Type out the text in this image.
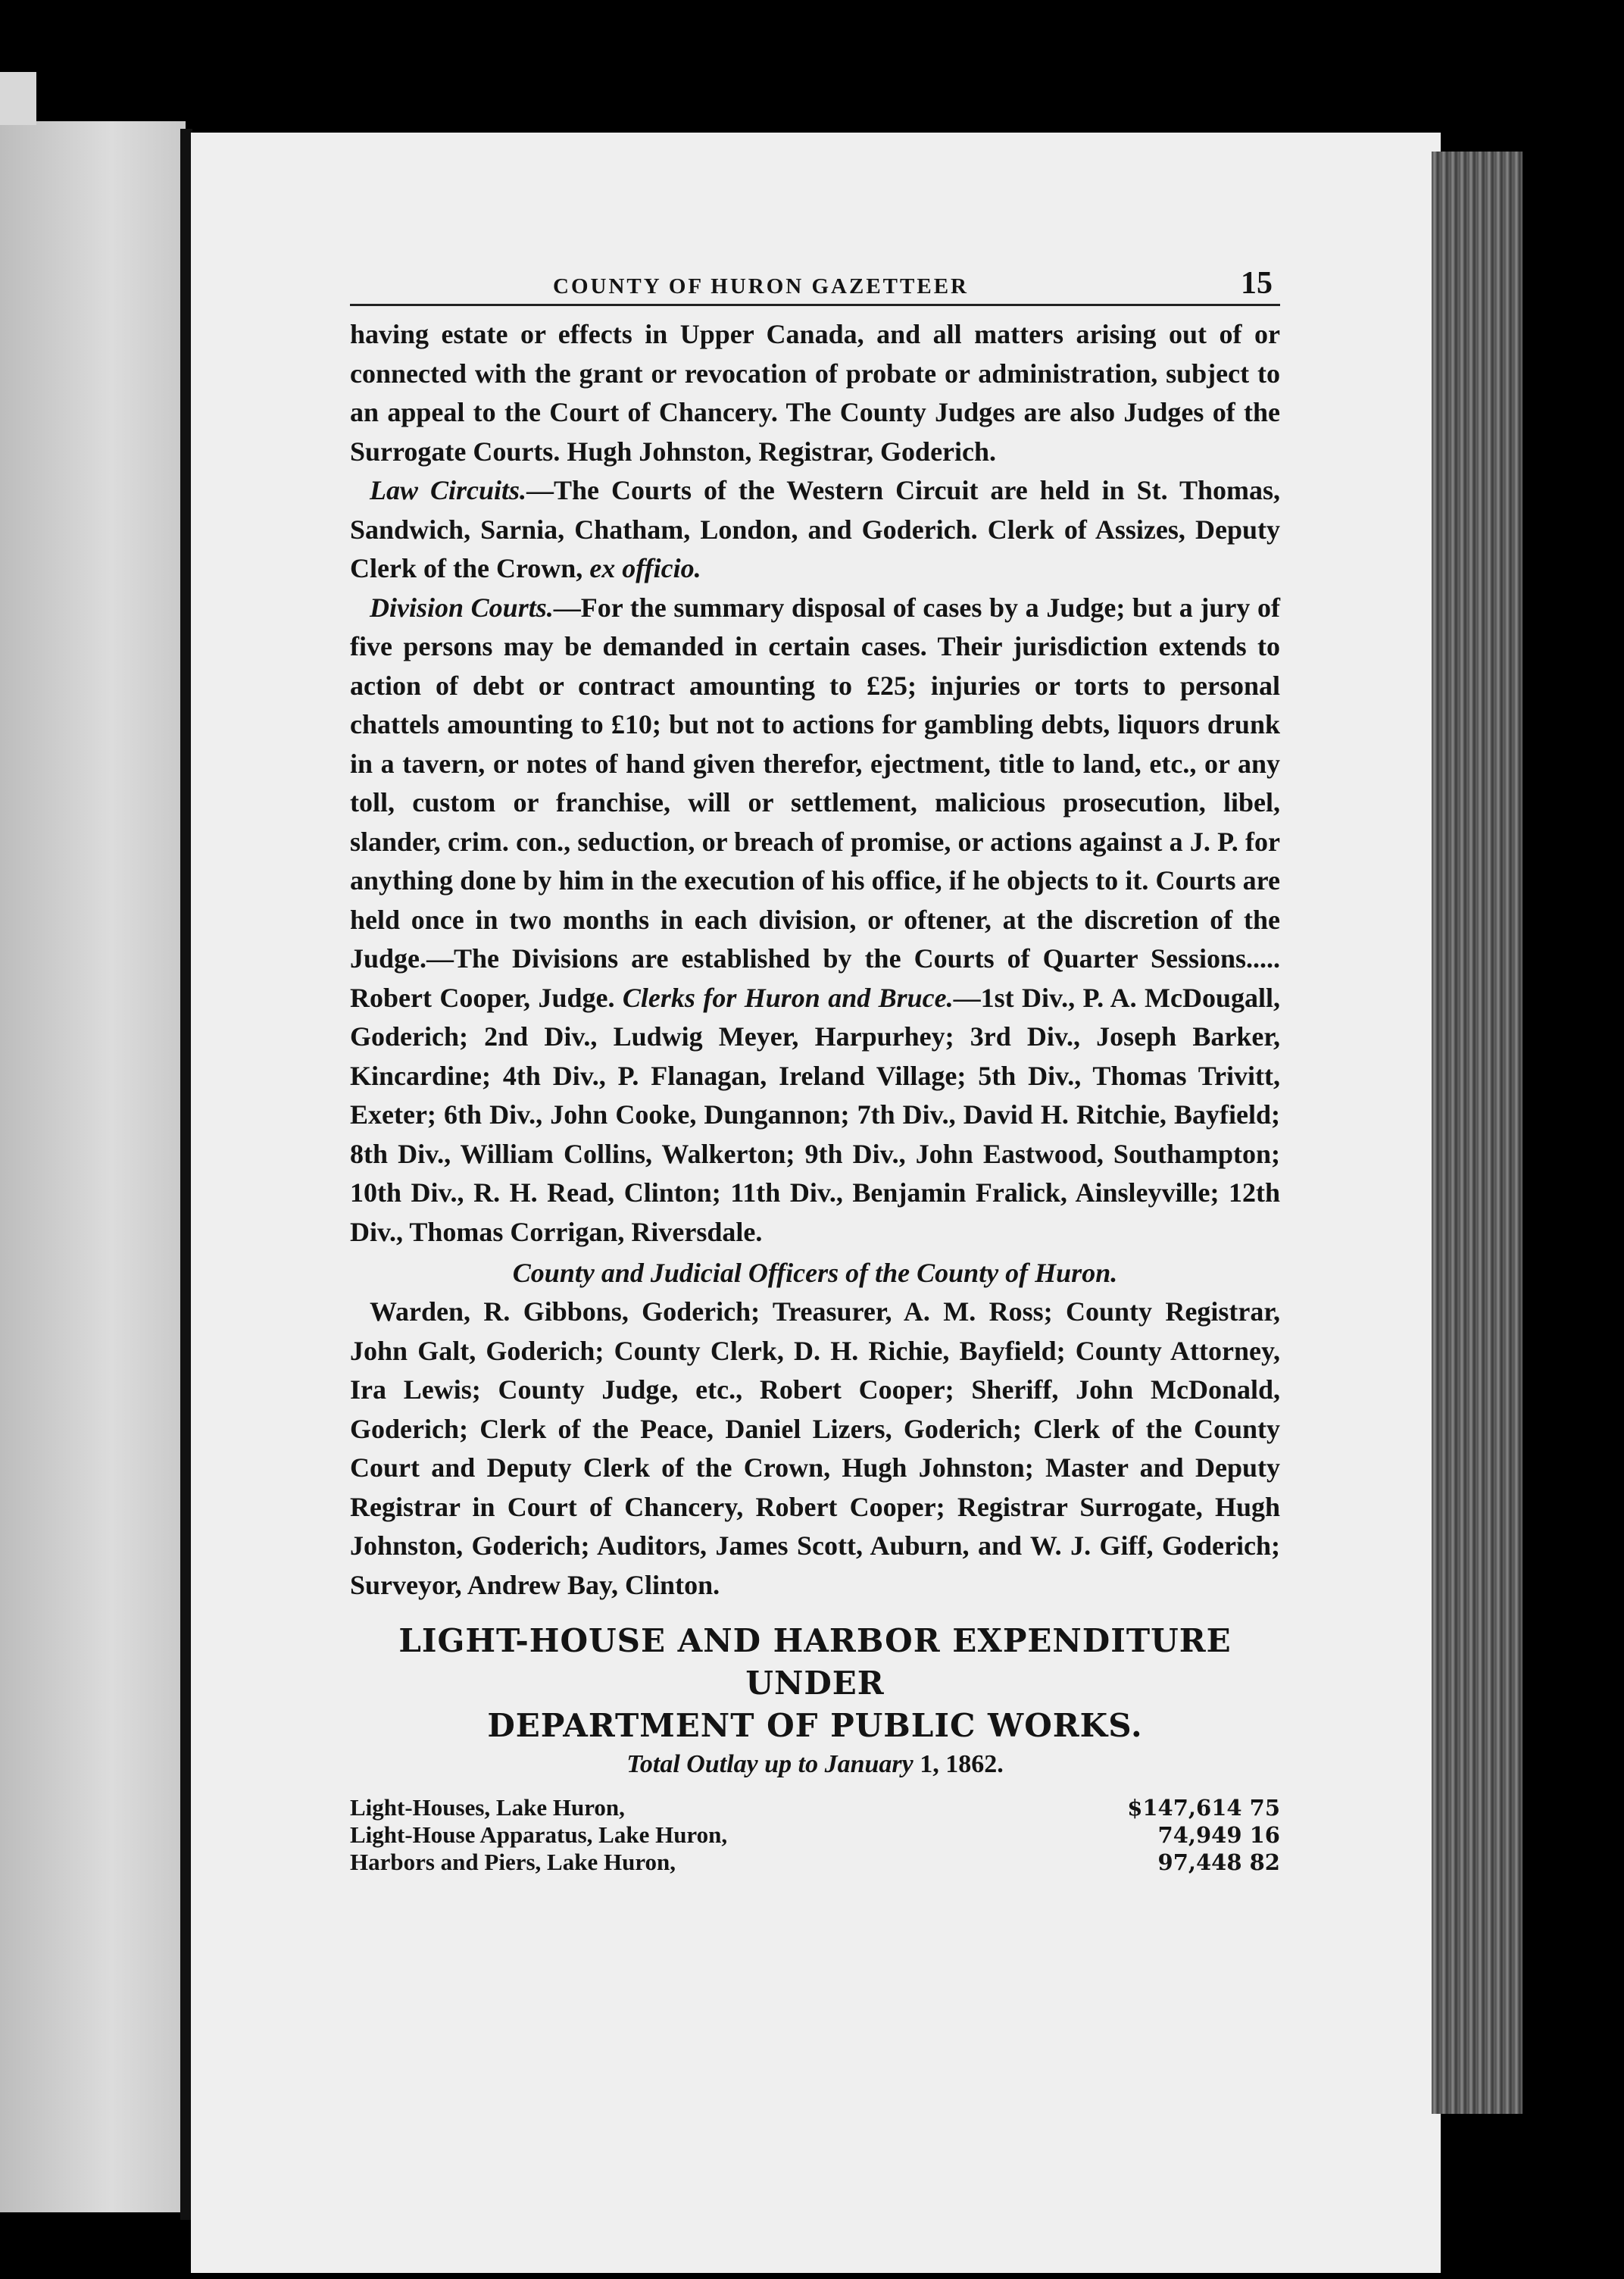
COUNTY OF HURON GAZETTEER	15

having estate or effects in Upper Canada, and all matters arising out of or connected with the grant or revocation of probate or administration, subject to an appeal to the Court of Chancery. The County Judges are also Judges of the Surrogate Courts. Hugh Johnston, Registrar, Goderich.

Law Circuits.—The Courts of the Western Circuit are held in St. Thomas, Sandwich, Sarnia, Chatham, London, and Goderich. Clerk of Assizes, Deputy Clerk of the Crown, ex officio.

Division Courts.—For the summary disposal of cases by a Judge; but a jury of five persons may be demanded in certain cases. Their jurisdiction extends to action of debt or contract amounting to £25; injuries or torts to personal chattels amounting to £10; but not to actions for gambling debts, liquors drunk in a tavern, or notes of hand given therefor, ejectment, title to land, etc., or any toll, custom or franchise, will or settlement, malicious prosecution, libel, slander, crim. con., seduction, or breach of promise, or actions against a J. P. for anything done by him in the execution of his office, if he objects to it. Courts are held once in two months in each division, or oftener, at the discretion of the Judge.—The Divisions are established by the Courts of Quarter Sessions..... Robert Cooper, Judge. Clerks for Huron and Bruce.—1st Div., P. A. McDougall, Goderich; 2nd Div., Ludwig Meyer, Harpurhey; 3rd Div., Joseph Barker, Kincardine; 4th Div., P. Flanagan, Ireland Village; 5th Div., Thomas Trivitt, Exeter; 6th Div., John Cooke, Dungannon; 7th Div., David H. Ritchie, Bayfield; 8th Div., William Collins, Walkerton; 9th Div., John Eastwood, Southampton; 10th Div., R. H. Read, Clinton; 11th Div., Benjamin Fralick, Ainsleyville; 12th Div., Thomas Corrigan, Riversdale.

County and Judicial Officers of the County of Huron.

Warden, R. Gibbons, Goderich; Treasurer, A. M. Ross; County Registrar, John Galt, Goderich; County Clerk, D. H. Richie, Bayfield; County Attorney, Ira Lewis; County Judge, etc., Robert Cooper; Sheriff, John McDonald, Goderich; Clerk of the Peace, Daniel Lizers, Goderich; Clerk of the County Court and Deputy Clerk of the Crown, Hugh Johnston; Master and Deputy Registrar in Court of Chancery, Robert Cooper; Registrar Surrogate, Hugh Johnston, Goderich; Auditors, James Scott, Auburn, and W. J. Giff, Goderich; Surveyor, Andrew Bay, Clinton.

LIGHT-HOUSE AND HARBOR EXPENDITURE UNDER
DEPARTMENT OF PUBLIC WORKS.
Total Outlay up to January 1, 1862.
Light-Houses, Lake Huron,	$147,614 75
Light-House Apparatus, Lake Huron,	74,949 16
Harbors and Piers, Lake Huron,	97,448 82
